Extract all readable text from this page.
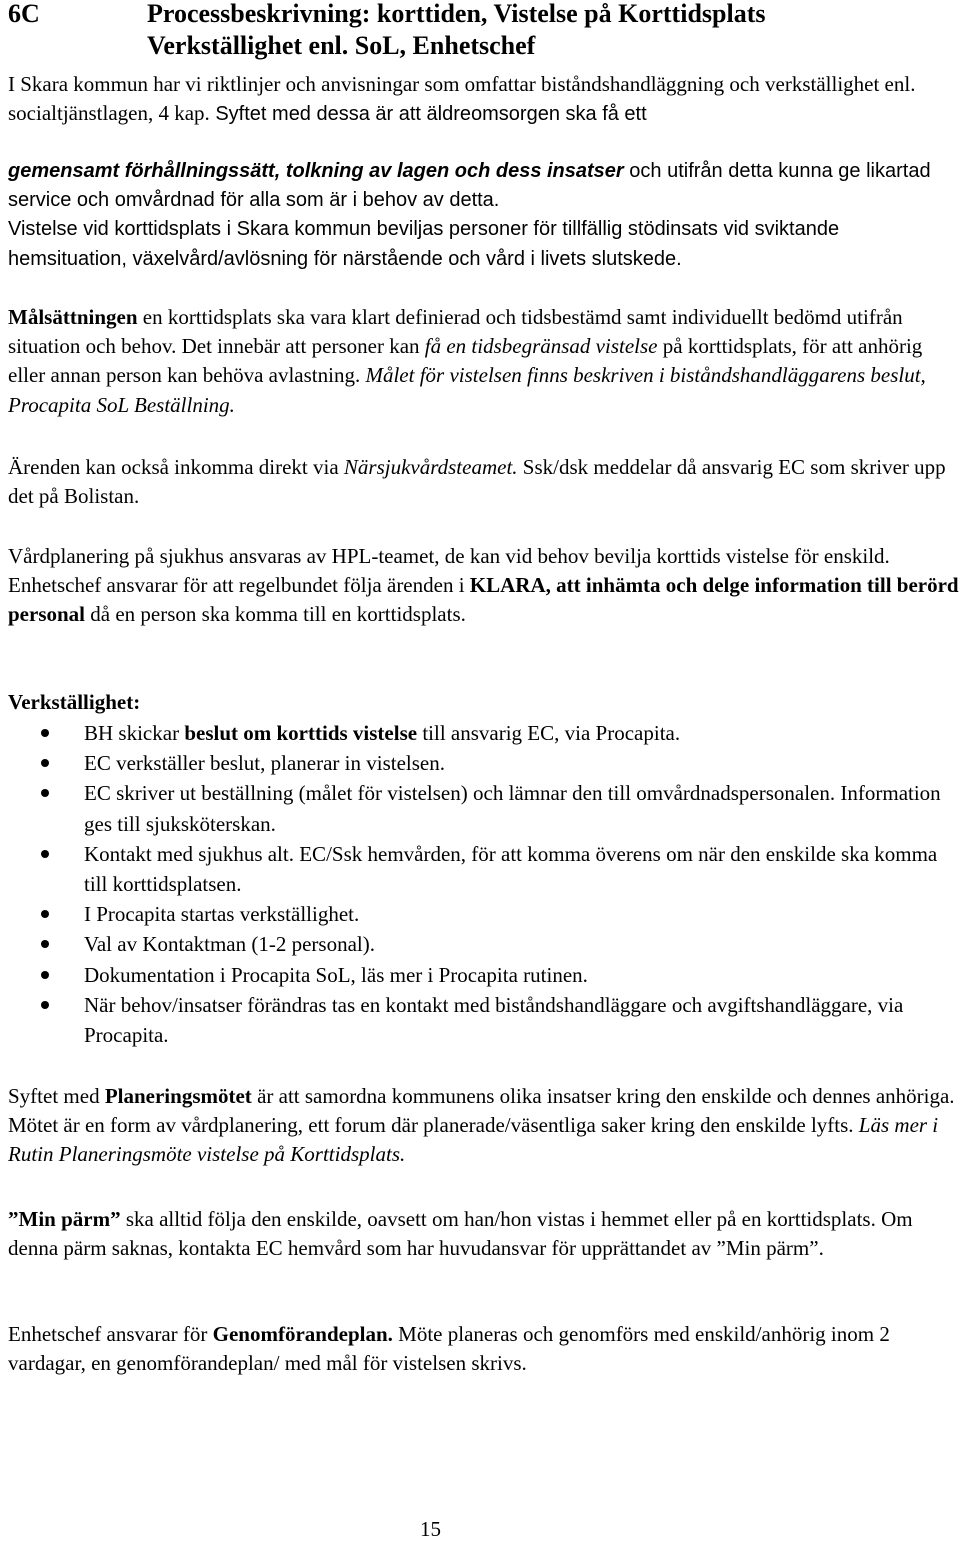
6C	Processbeskrivning: korttiden, Vistelse på Korttidsplats
Verkställighet enl. SoL, Enhetschef

I Skara kommun har vi riktlinjer och anvisningar som omfattar biståndshandläggning och verkställighet enl. socialtjänstlagen, 4 kap. Syftet med dessa är att äldreomsorgen ska få ett

gemensamt förhållningssätt, tolkning av lagen och dess insatser och utifrån detta kunna ge likartad service och omvårdnad för alla som är i behov av detta.

Vistelse vid korttidsplats i Skara kommun beviljas personer för tillfällig stödinsats vid sviktande hemsituation, växelvård/avlösning för närstående och vård i livets slutskede.

Målsättningen en korttidsplats ska vara klart definierad och tidsbestämd samt individuellt bedömd utifrån situation och behov. Det innebär att personer kan få en tidsbegränsad vistelse på korttidsplats, för att anhörig eller annan person kan behöva avlastning. Målet för vistelsen finns beskriven i biståndshandläggarens beslut, Procapita SoL Beställning.

Ärenden kan också inkomma direkt via Närsjukvårdsteamet. Ssk/dsk meddelar då ansvarig EC som skriver upp det på Bolistan.

Vårdplanering på sjukhus ansvaras av HPL-teamet, de kan vid behov bevilja korttids vistelse för enskild.

Enhetschef ansvarar för att regelbundet följa ärenden i KLARA, att inhämta och delge information till berörd personal då en person ska komma till en korttidsplats.

Verkställighet:
BH skickar beslut om korttids vistelse till ansvarig EC, via Procapita.
EC verkställer beslut, planerar in vistelsen.
EC skriver ut beställning (målet för vistelsen) och lämnar den till omvårdnadspersonalen. Information ges till sjuksköterskan.
Kontakt med sjukhus alt. EC/Ssk hemvården, för att komma överens om när den enskilde ska komma till korttidsplatsen.
I Procapita startas verkställighet.
Val av Kontaktman (1-2 personal).
Dokumentation i Procapita SoL, läs mer i Procapita rutinen.
När behov/insatser förändras tas en kontakt med biståndshandläggare och avgiftshandläggare, via Procapita.

Syftet med Planeringsmötet är att samordna kommunens olika insatser kring den enskilde och dennes anhöriga. Mötet är en form av vårdplanering, ett forum där planerade/väsentliga saker kring den enskilde lyfts. Läs mer i Rutin Planeringsmöte vistelse på Korttidsplats.

”Min pärm” ska alltid följa den enskilde, oavsett om han/hon vistas i hemmet eller på en korttidsplats. Om denna pärm saknas, kontakta EC hemvård som har huvudansvar för upprättandet av ”Min pärm”.

Enhetschef ansvarar för Genomförandeplan. Möte planeras och genomförs med enskild/anhörig inom 2 vardagar, en genomförandeplan/ med mål för vistelsen skrivs.

15
